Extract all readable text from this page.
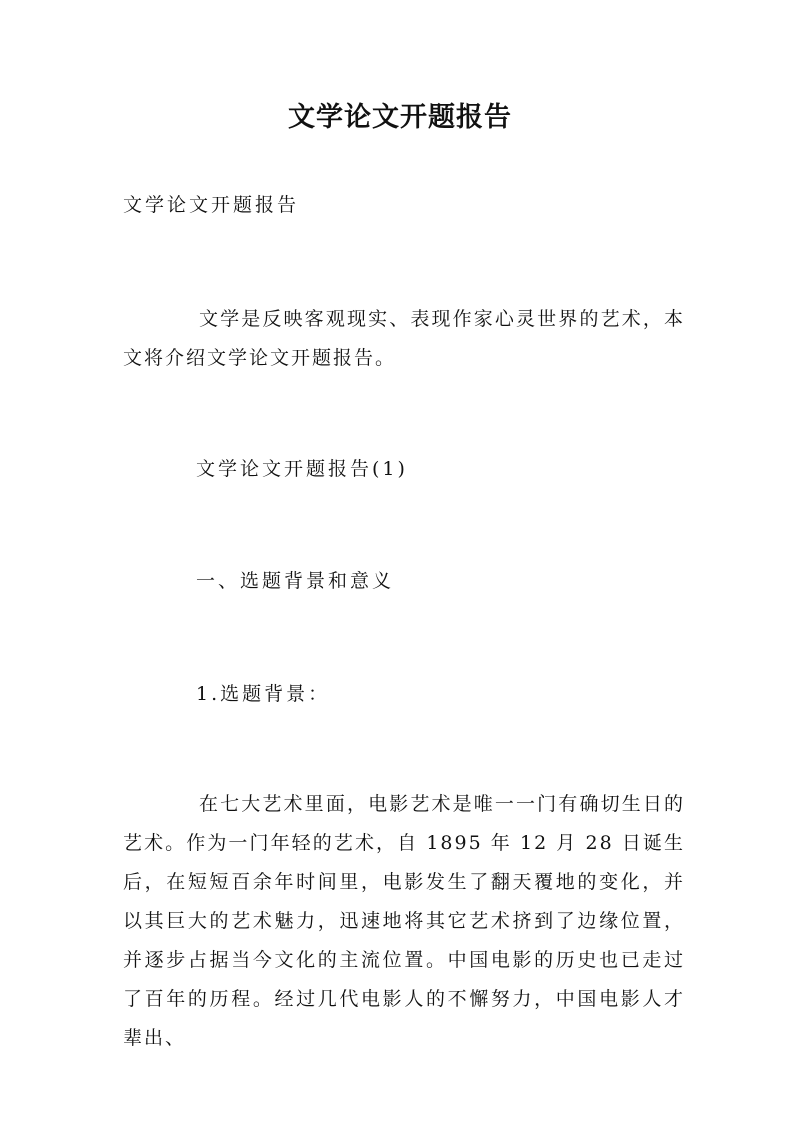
文学论文开题报告

文学论文开题报告

文学是反映客观现实、表现作家心灵世界的艺术，本文将介绍文学论文开题报告。

文学论文开题报告(1)

一、选题背景和意义

1.选题背景：

在七大艺术里面，电影艺术是唯一一门有确切生日的艺术。作为一门年轻的艺术，自 1895 年 12 月 28 日诞生后，在短短百余年时间里，电影发生了翻天覆地的变化，并以其巨大的艺术魅力，迅速地将其它艺术挤到了边缘位置，并逐步占据当今文化的主流位置。中国电影的历史也已走过了百年的历程。经过几代电影人的不懈努力，中国电影人才辈出、
